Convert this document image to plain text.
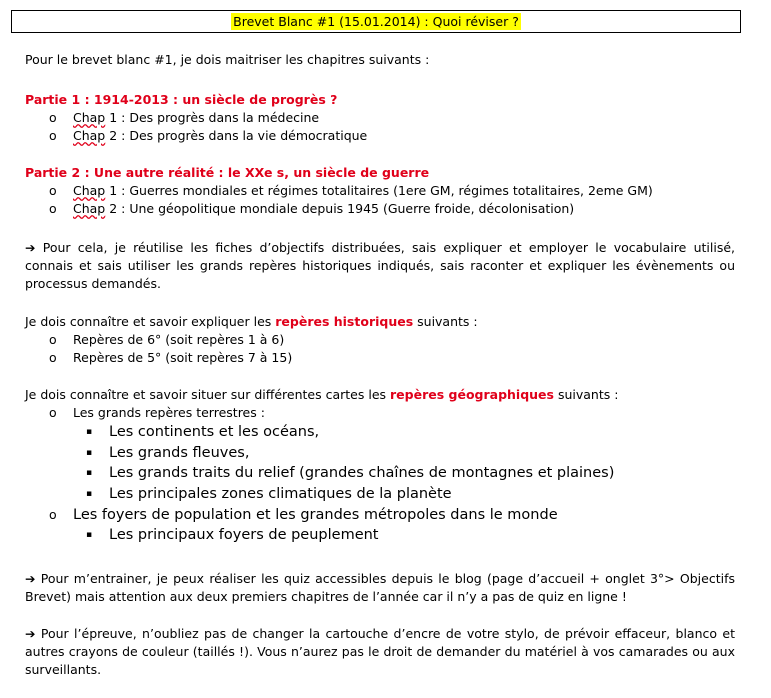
Brevet Blanc #1 (15.01.2014) : Quoi réviser ?
Pour le brevet blanc #1, je dois maitriser les chapitres suivants :
Partie 1 : 1914-2013 : un siècle de progrès ?
o Chap 1 : Des progrès dans la médecine
o Chap 2 : Des progrès dans la vie démocratique
Partie 2 : Une autre réalité : le XXe s, un siècle de guerre
o Chap 1 : Guerres mondiales et régimes totalitaires (1ere GM, régimes totalitaires, 2eme GM)
o Chap 2 : Une géopolitique mondiale depuis 1945 (Guerre froide, décolonisation)
➔ Pour cela, je réutilise les fiches d’objectifs distribuées, sais expliquer et employer le vocabulaire utilisé, connais et sais utiliser les grands repères historiques indiqués, sais raconter et expliquer les évènements ou processus demandés.
Je dois connaître et savoir expliquer les repères historiques suivants :
o Repères de 6° (soit repères 1 à 6)
o Repères de 5° (soit repères 7 à 15)
Je dois connaître et savoir situer sur différentes cartes les repères géographiques suivants :
o Les grands repères terrestres :
▪ Les continents et les océans,
▪ Les grands fleuves,
▪ Les grands traits du relief (grandes chaînes de montagnes et plaines)
▪ Les principales zones climatiques de la planète
o Les foyers de population et les grandes métropoles dans le monde
▪ Les principaux foyers de peuplement
➔ Pour m’entrainer, je peux réaliser les quiz accessibles depuis le blog (page d’accueil + onglet 3°> Objectifs Brevet) mais attention aux deux premiers chapitres de l’année car il n’y a pas de quiz en ligne !
➔ Pour l’épreuve, n’oubliez pas de changer la cartouche d’encre de votre stylo, de prévoir effaceur, blanco et autres crayons de couleur (taillés !). Vous n’aurez pas le droit de demander du matériel à vos camarades ou aux surveillants.
